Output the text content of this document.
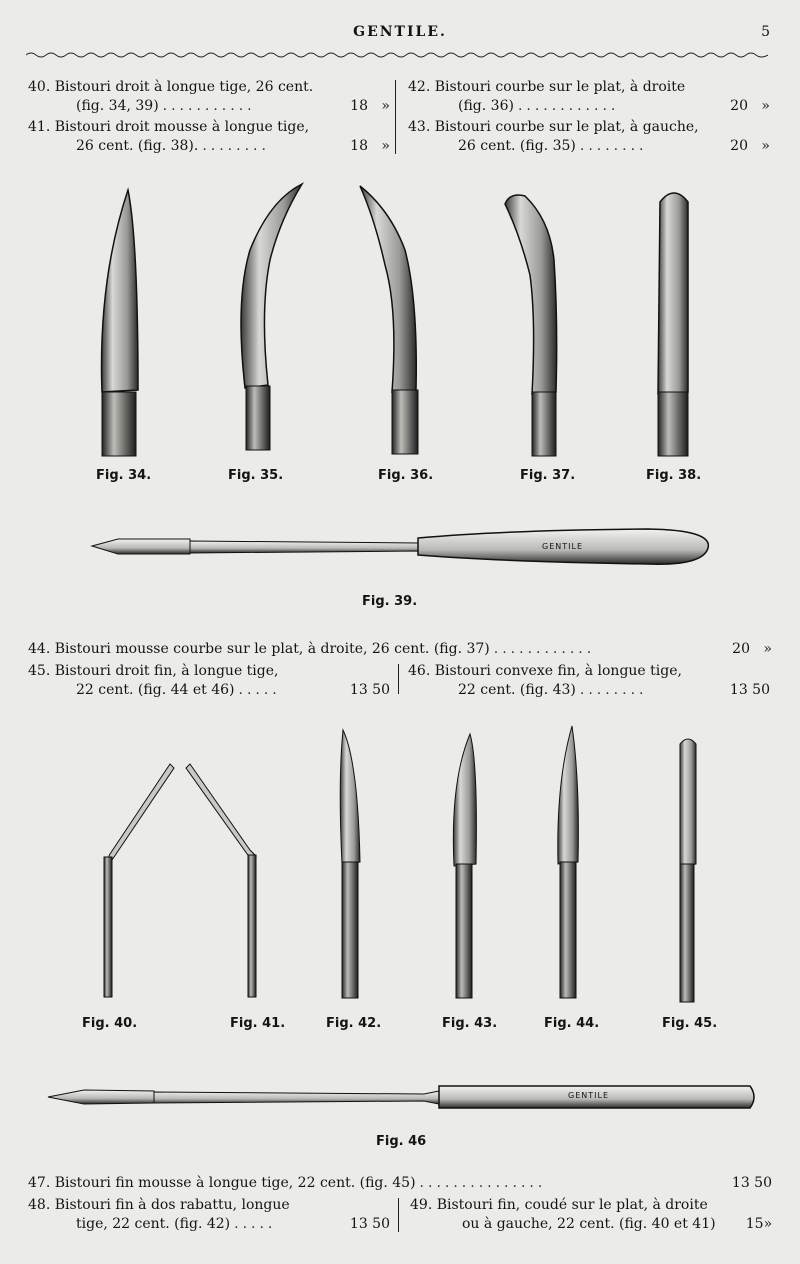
GENTILE.	5
40.
Bistouri droit à longue tige, 26 cent.
(fig. 34, 39) ...........	18 »
41.
Bistouri droit mousse à longue tige,
26 cent. (fig. 38). ........	18 »
42.
Bistouri courbe sur le plat, à droite
(fig. 36) ............	20 »
43.
Bistouri courbe sur le plat, à gauche,
26 cent. (fig. 35) ........	20 »
Fig. 34.	Fig. 35.	Fig. 36.	Fig. 37.	Fig. 38.
GENTILE
Fig. 39.
44.
Bistouri mousse courbe sur le plat, à droite, 26 cent. (fig. 37) ............	20 »
45.
Bistouri droit fin, à longue tige,
22 cent. (fig. 44 et 46) .....	13 50
46.
Bistouri convexe fin, à longue tige,
22 cent. (fig. 43) ........	13 50
Fig. 40.	Fig. 41.	Fig. 42.	Fig. 43.	Fig. 44.	Fig. 45.
GENTILE
Fig. 46
47.
Bistouri fin mousse à longue tige, 22 cent. (fig. 45) ...............	13 50
48.
Bistouri fin à dos rabattu, longue
tige, 22 cent. (fig. 42) .....	13 50
49.
Bistouri fin, coudé sur le plat, à droite
ou à gauche, 22 cent. (fig. 40 et 41)	15 »
